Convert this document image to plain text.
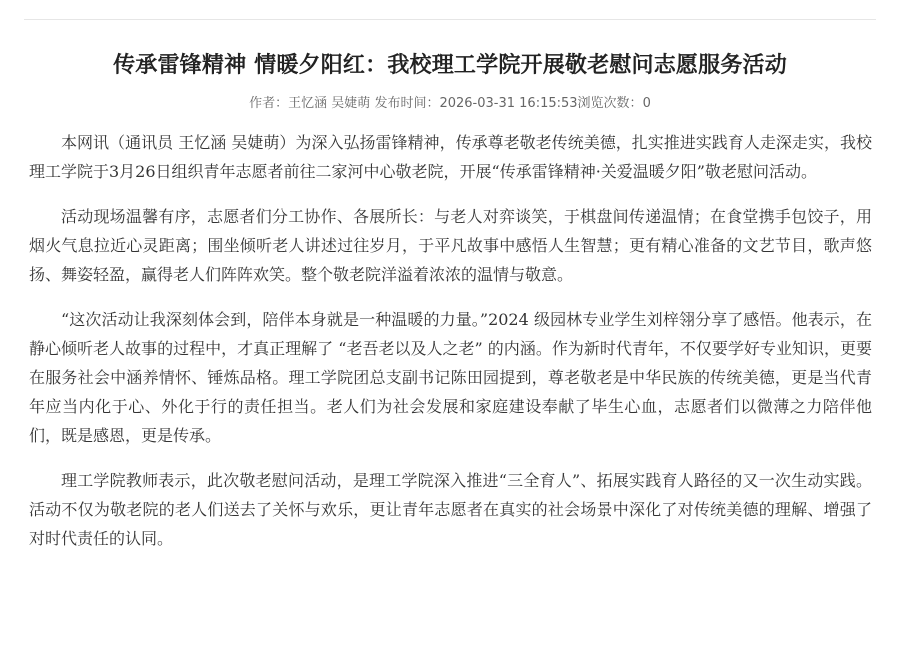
传承雷锋精神 情暖夕阳红：我校理工学院开展敬老慰问志愿服务活动
作者：王忆涵 吴婕萌 发布时间：2026-03-31 16:15:53浏览次数：0

本网讯（通讯员 王忆涵 吴婕萌）为深入弘扬雷锋精神，传承尊老敬老传统美德，扎实推进实践育人走深走实，我校理工学院于3月26日组织青年志愿者前往二家河中心敬老院，开展“传承雷锋精神·关爱温暖夕阳”敬老慰问活动。

活动现场温馨有序，志愿者们分工协作、各展所长：与老人对弈谈笑，于棋盘间传递温情；在食堂携手包饺子，用烟火气息拉近心灵距离；围坐倾听老人讲述过往岁月，于平凡故事中感悟人生智慧；更有精心准备的文艺节目，歌声悠扬、舞姿轻盈，赢得老人们阵阵欢笑。整个敬老院洋溢着浓浓的温情与敬意。

“这次活动让我深刻体会到，陪伴本身就是一种温暖的力量。”2024 级园林专业学生刘梓翎分享了感悟。他表示，在静心倾听老人故事的过程中，才真正理解了 “老吾老以及人之老” 的内涵。作为新时代青年，不仅要学好专业知识，更要在服务社会中涵养情怀、锤炼品格。理工学院团总支副书记陈田园提到，尊老敬老是中华民族的传统美德，更是当代青年应当内化于心、外化于行的责任担当。老人们为社会发展和家庭建设奉献了毕生心血，志愿者们以微薄之力陪伴他们，既是感恩，更是传承。

理工学院教师表示，此次敬老慰问活动，是理工学院深入推进“三全育人”、拓展实践育人路径的又一次生动实践。活动不仅为敬老院的老人们送去了关怀与欢乐，更让青年志愿者在真实的社会场景中深化了对传统美德的理解、增强了对时代责任的认同。
